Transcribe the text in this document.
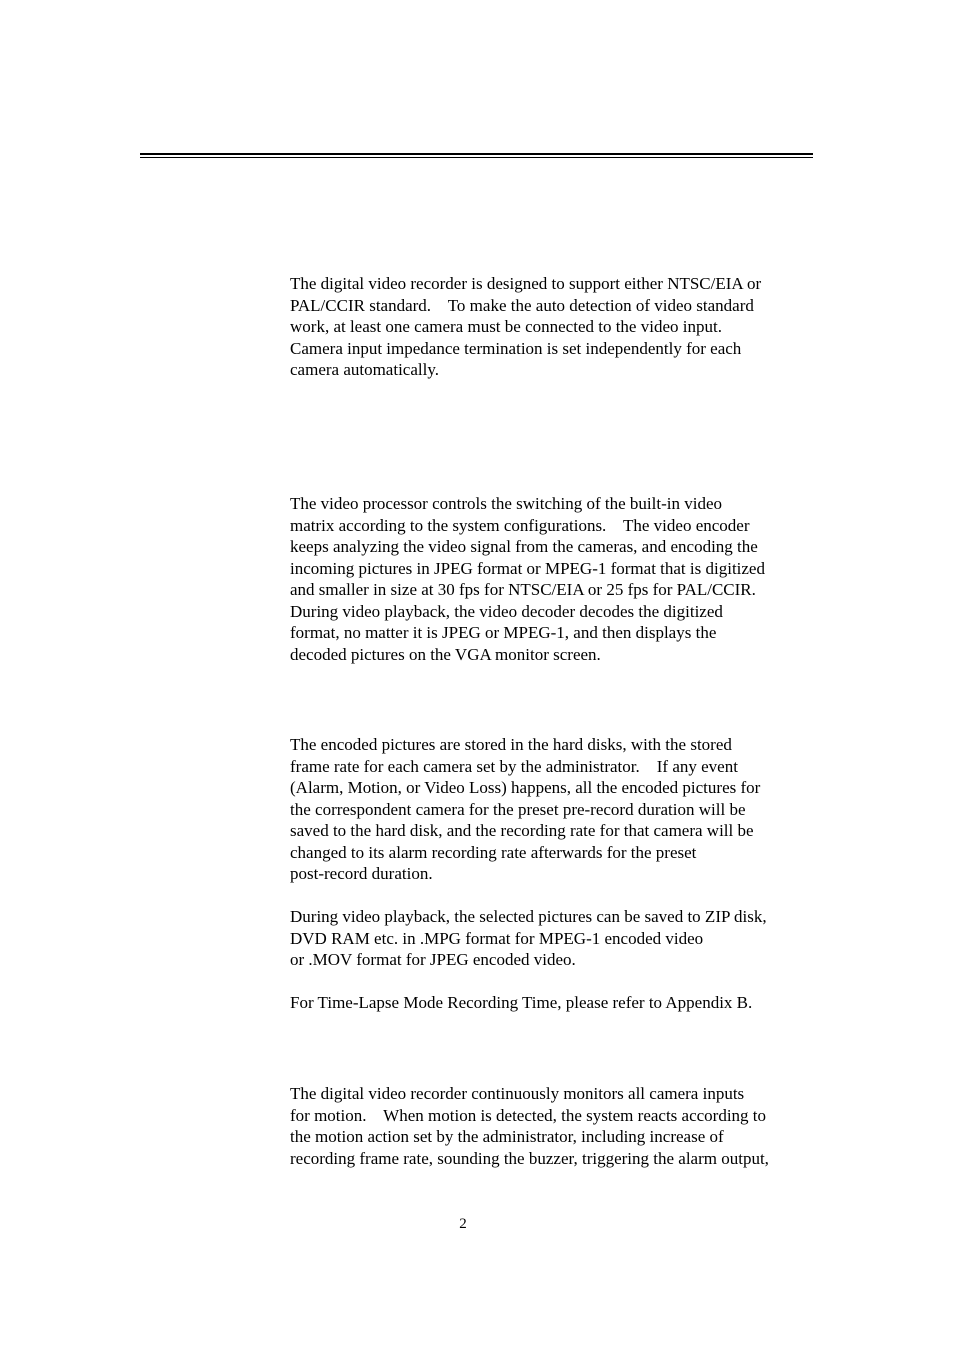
The digital video recorder is designed to support either NTSC/EIA or
PAL/CCIR standard.    To make the auto detection of video standard
work, at least one camera must be connected to the video input.
Camera input impedance termination is set independently for each
camera automatically.
The video processor controls the switching of the built-in video
matrix according to the system configurations.    The video encoder
keeps analyzing the video signal from the cameras, and encoding the
incoming pictures in JPEG format or MPEG-1 format that is digitized
and smaller in size at 30 fps for NTSC/EIA or 25 fps for PAL/CCIR.
During video playback, the video decoder decodes the digitized
format, no matter it is JPEG or MPEG-1, and then displays the
decoded pictures on the VGA monitor screen.
The encoded pictures are stored in the hard disks, with the stored
frame rate for each camera set by the administrator.    If any event
(Alarm, Motion, or Video Loss) happens, all the encoded pictures for
the correspondent camera for the preset pre-record duration will be
saved to the hard disk, and the recording rate for that camera will be
changed to its alarm recording rate afterwards for the preset
post-record duration.
During video playback, the selected pictures can be saved to ZIP disk,
DVD RAM etc. in .MPG format for MPEG-1 encoded video
or .MOV format for JPEG encoded video.
For Time-Lapse Mode Recording Time, please refer to Appendix B.
The digital video recorder continuously monitors all camera inputs
for motion.    When motion is detected, the system reacts according to
the motion action set by the administrator, including increase of
recording frame rate, sounding the buzzer, triggering the alarm output,
2
